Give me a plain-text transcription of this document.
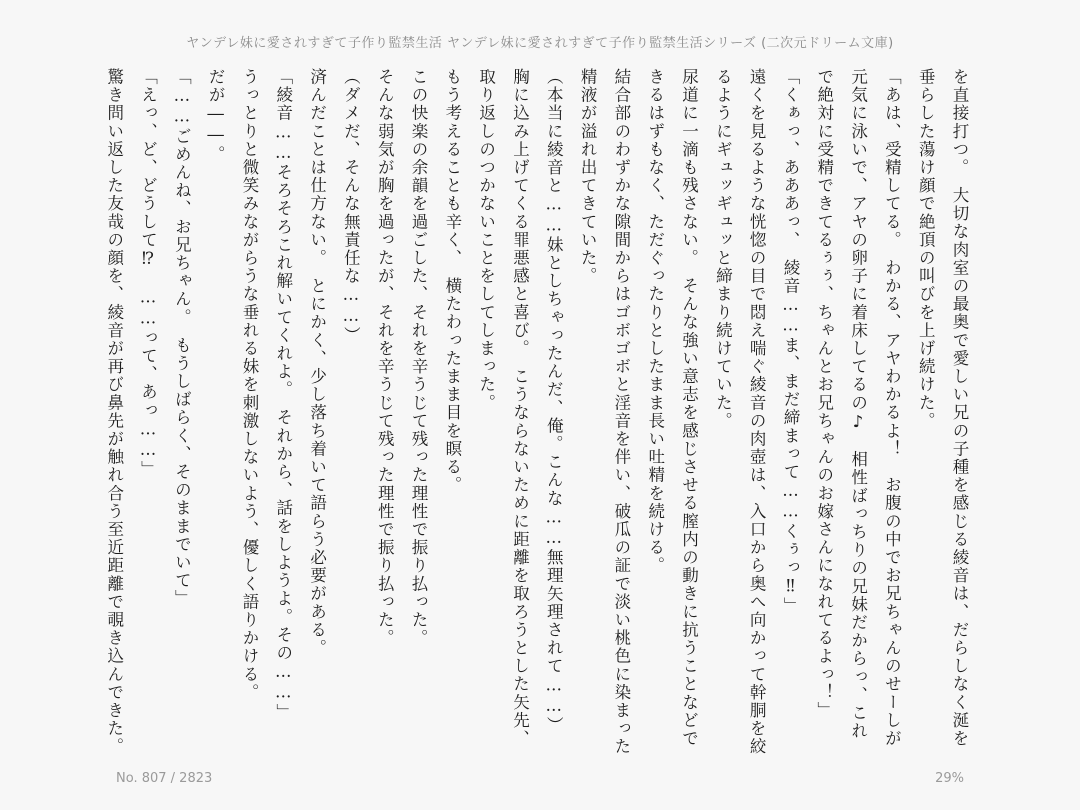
ヤンデレ妹に愛されすぎて子作り監禁生活 ヤンデレ妹に愛されすぎて子作り監禁生活シリーズ (二次元ドリーム文庫)

を直接打つ。　大切な肉室の最奥で愛しい兄の子種を感じる綾音は、だらしなく涎を垂らした蕩け顔で絶頂の叫びを上げ続けた。

「あは、受精してる。　わかる、アヤわかるよ！　お腹の中でお兄ちゃんのせーしが元気に泳いで、アヤの卵子に着床してるの♪　相性ばっちりの兄妹だからっ、これで絶対に受精できてるぅぅ、ちゃんとお兄ちゃんのお嫁さんになれてるよっ！」

「くぁっ、あああっ、　綾音……ま、まだ締まって……くぅっ‼」

遠くを見るような恍惚の目で悶え喘ぐ綾音の肉壺は、入口から奥へ向かって幹胴を絞るようにギュッギュッと締まり続けていた。

尿道に一滴も残さない。　そんな強い意志を感じさせる膣内の動きに抗うことなどできるはずもなく、ただぐったりとしたまま長い吐精を続ける。

結合部のわずかな隙間からはゴボゴボと淫音を伴い、破瓜の証で淡い桃色に染まった精液が溢れ出てきていた。

（本当に綾音と……妹としちゃったんだ、俺。こんな……無理矢理されて……）

胸に込み上げてくる罪悪感と喜び。　こうならないために距離を取ろうとした矢先、取り返しのつかないことをしてしまった。

もう考えることも辛く、　横たわったまま目を瞑る。

この快楽の余韻を過ごした、それを辛うじて残った理性で振り払った。

そんな弱気が胸を過ったが、それを辛うじて残った理性で振り払った。

（ダメだ、そんな無責任な……）

済んだことは仕方ない。　とにかく、少し落ち着いて語らう必要がある。

「綾音……そろそろこれ解いてくれよ。　それから、話をしようよ。その……」

うっとりと微笑みながらうな垂れる妹を刺激しないよう、優しく語りかける。

だが――。

「……ごめんね、お兄ちゃん。　もうしばらく、そのままでいて」

「えっ、ど、どうして⁉　……って、あっ……」

驚き問い返した友哉の顔を、綾音が再び鼻先が触れ合う至近距離で覗き込んできた。

No. 807 / 2823	29%
